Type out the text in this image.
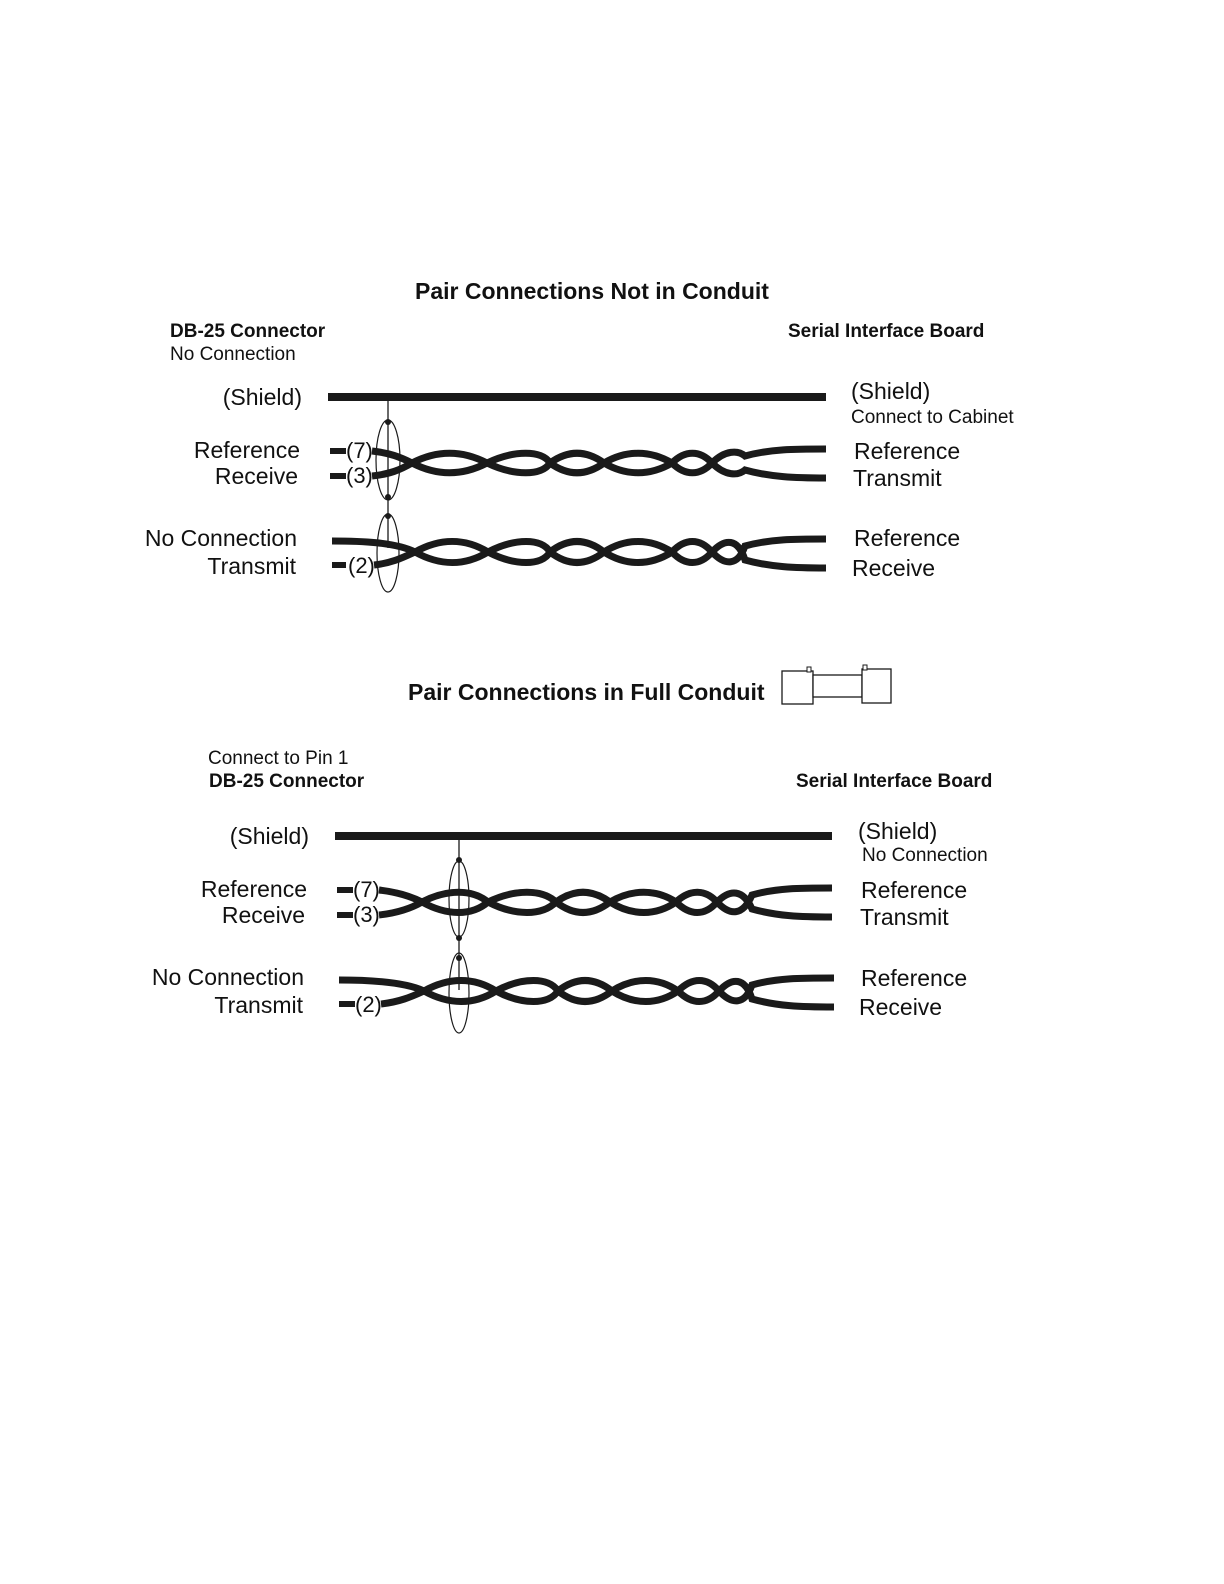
Pair Connections Not in Conduit
DB-25 Connector
No Connection
Serial Interface Board
(Shield)	(Shield)
Connect to Cabinet
Reference
Receive
(7)
(3)
Reference
Transmit
No Connection
Transmit (2)
Reference
Receive
Pair Connections in Full Conduit
Connect to Pin 1
DB-25 Connector	Serial Interface Board
(Shield)	(Shield)
No Connection
Reference
Receive
(7)
(3)
Reference
Transmit
No Connection
Transmit (2)
Reference
Receive
